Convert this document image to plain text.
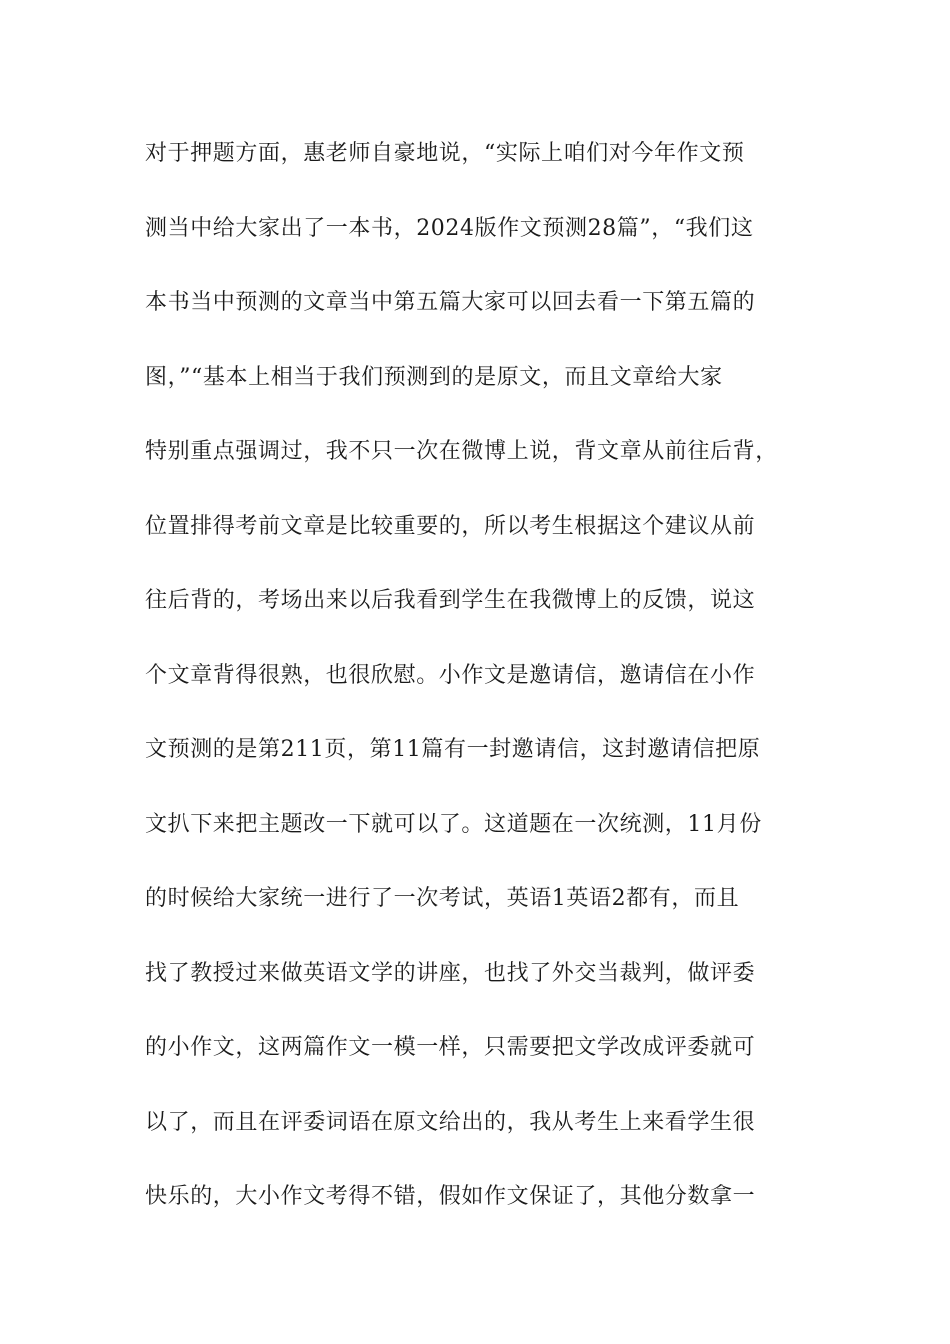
对于押题方面，惠老师自豪地说，“实际上咱们对今年作文预
测当中给大家出了一本书，2024版作文预测28篇”，“我们这
本书当中预测的文章当中第五篇大家可以回去看一下第五篇的
图，”“基本上相当于我们预测到的是原文，而且文章给大家
特别重点强调过，我不只一次在微博上说，背文章从前往后背，
位置排得考前文章是比较重要的，所以考生根据这个建议从前
往后背的，考场出来以后我看到学生在我微博上的反馈，说这
个文章背得很熟，也很欣慰。小作文是邀请信，邀请信在小作
文预测的是第211页，第11篇有一封邀请信，这封邀请信把原
文扒下来把主题改一下就可以了。这道题在一次统测，11月份
的时候给大家统一进行了一次考试，英语1英语2都有，而且
找了教授过来做英语文学的讲座，也找了外交当裁判，做评委
的小作文，这两篇作文一模一样，只需要把文学改成评委就可
以了，而且在评委词语在原文给出的，我从考生上来看学生很
快乐的，大小作文考得不错，假如作文保证了，其他分数拿一
